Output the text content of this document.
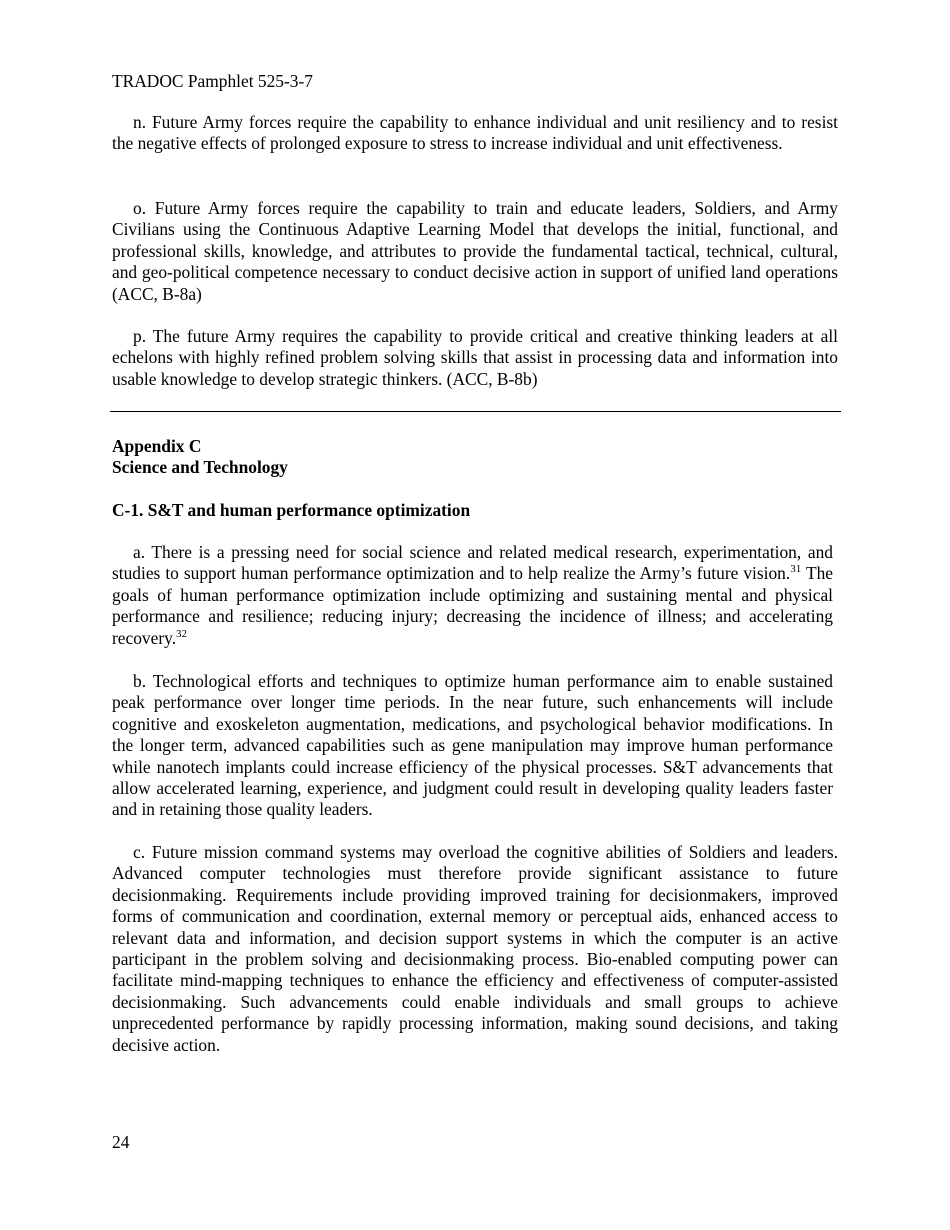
TRADOC Pamphlet 525-3-7

n. Future Army forces require the capability to enhance individual and unit resiliency and to resist the negative effects of prolonged exposure to stress to increase individual and unit effectiveness.

o. Future Army forces require the capability to train and educate leaders, Soldiers, and Army Civilians using the Continuous Adaptive Learning Model that develops the initial, functional, and professional skills, knowledge, and attributes to provide the fundamental tactical, technical, cultural, and geo-political competence necessary to conduct decisive action in support of unified land operations (ACC, B-8a)

p. The future Army requires the capability to provide critical and creative thinking leaders at all echelons with highly refined problem solving skills that assist in processing data and information into usable knowledge to develop strategic thinkers. (ACC, B-8b)

Appendix C
Science and Technology
C-1. S&T and human performance optimization

a. There is a pressing need for social science and related medical research, experimentation, and studies to support human performance optimization and to help realize the Army’s future vision.$^{31}$ The goals of human performance optimization include optimizing and sustaining mental and physical performance and resilience; reducing injury; decreasing the incidence of illness; and accelerating recovery.$^{32}$

b. Technological efforts and techniques to optimize human performance aim to enable sustained peak performance over longer time periods. In the near future, such enhancements will include cognitive and exoskeleton augmentation, medications, and psychological behavior modifications. In the longer term, advanced capabilities such as gene manipulation may improve human performance while nanotech implants could increase efficiency of the physical processes. S&T advancements that allow accelerated learning, experience, and judgment could result in developing quality leaders faster and in retaining those quality leaders.

c. Future mission command systems may overload the cognitive abilities of Soldiers and leaders. Advanced computer technologies must therefore provide significant assistance to future decisionmaking. Requirements include providing improved training for decisionmakers, improved forms of communication and coordination, external memory or perceptual aids, enhanced access to relevant data and information, and decision support systems in which the computer is an active participant in the problem solving and decisionmaking process. Bio-enabled computing power can facilitate mind-mapping techniques to enhance the efficiency and effectiveness of computer-assisted decisionmaking. Such advancements could enable individuals and small groups to achieve unprecedented performance by rapidly processing information, making sound decisions, and taking decisive action.

24
